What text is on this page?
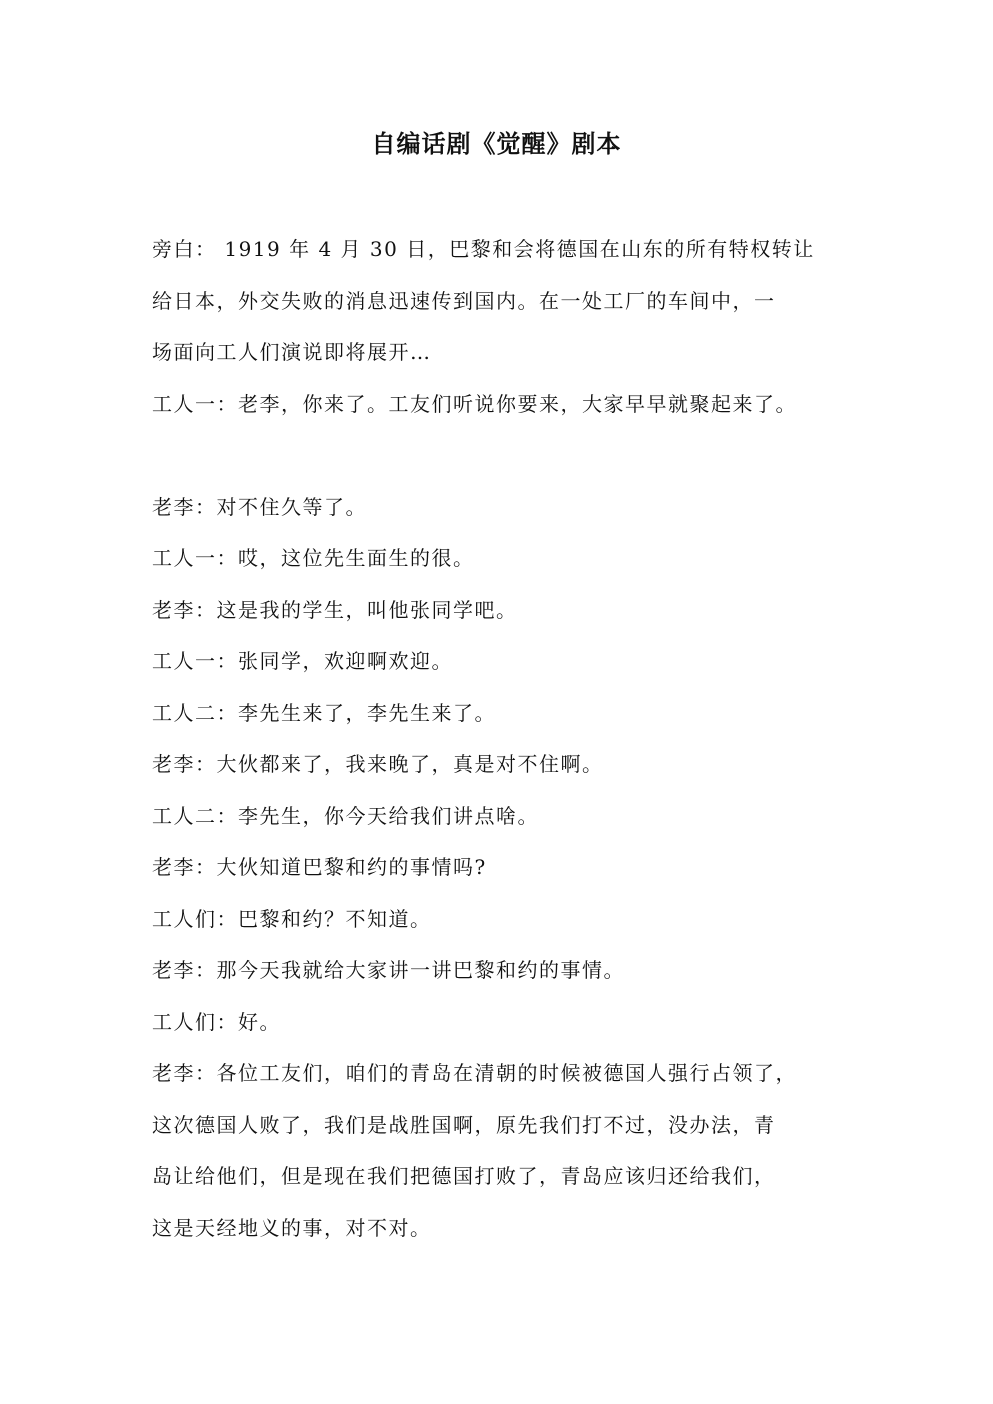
自编话剧《觉醒》剧本
旁白： 1919 年 4 月 30 日，巴黎和会将德国在山东的所有特权转让
给日本，外交失败的消息迅速传到国内。在一处工厂的车间中，一
场面向工人们演说即将展开…
工人一：老李，你来了。工友们听说你要来，大家早早就聚起来了。

老李：对不住久等了。
工人一：哎，这位先生面生的很。
老李：这是我的学生，叫他张同学吧。
工人一：张同学，欢迎啊欢迎。
工人二：李先生来了，李先生来了。
老李：大伙都来了，我来晚了，真是对不住啊。
工人二：李先生，你今天给我们讲点啥。
老李：大伙知道巴黎和约的事情吗?
工人们：巴黎和约？不知道。
老李：那今天我就给大家讲一讲巴黎和约的事情。
工人们：好。
老李：各位工友们，咱们的青岛在清朝的时候被德国人强行占领了，
这次德国人败了，我们是战胜国啊，原先我们打不过，没办法，青
岛让给他们，但是现在我们把德国打败了，青岛应该归还给我们，
这是天经地义的事，对不对。
